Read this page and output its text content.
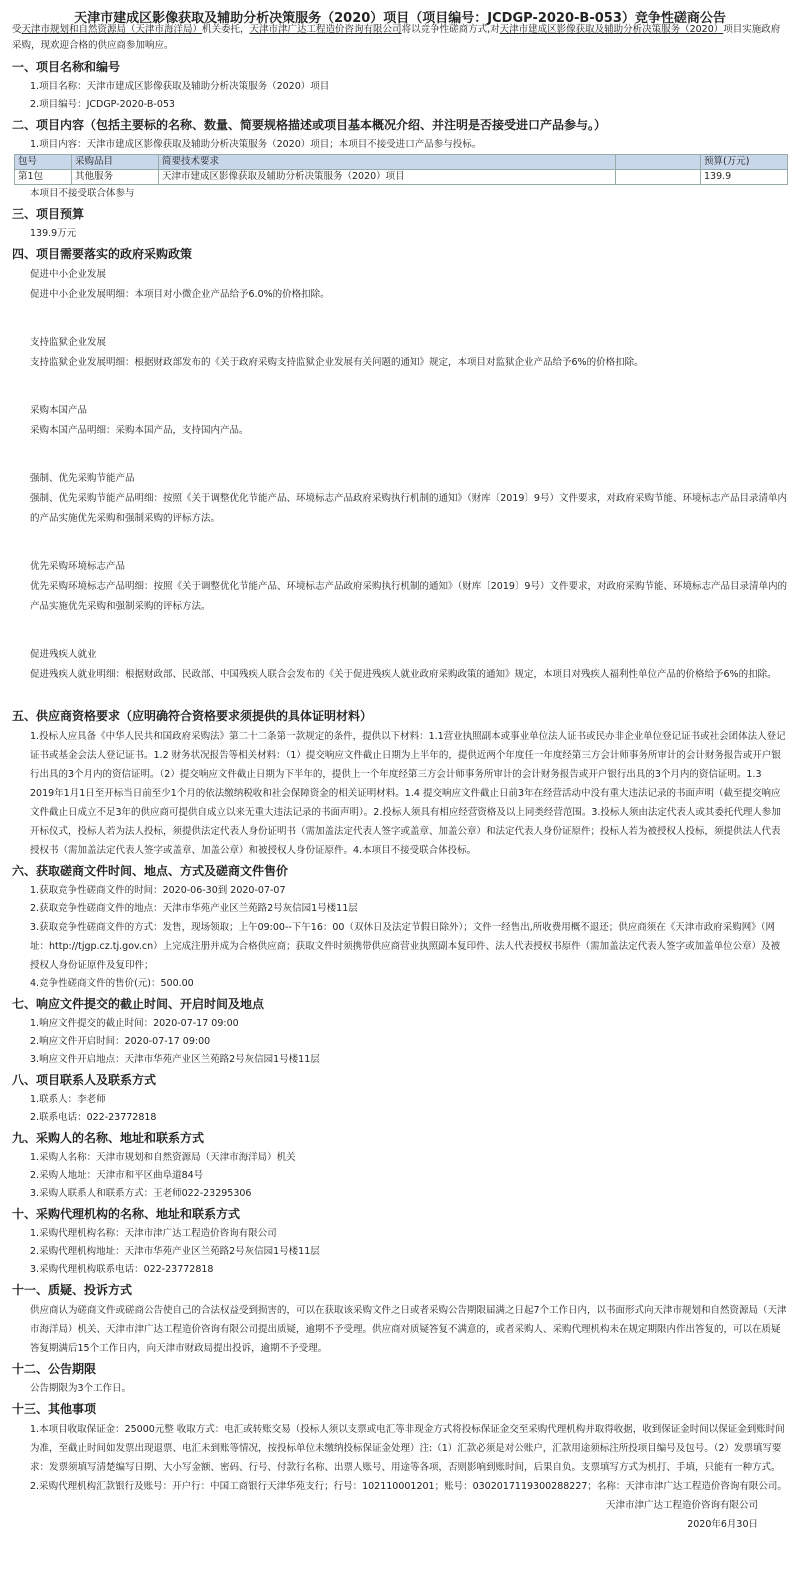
天津市建成区影像获取及辅助分析决策服务（2020）项目（项目编号：JCDGP-2020-B-053）竞争性磋商公告
受天津市规划和自然资源局（天津市海洋局）机关委托，天津市津广达工程造价咨询有限公司将以竞争性磋商方式,对天津市建成区影像获取及辅助分析决策服务（2020）项目实施政府采购，现欢迎合格的供应商参加响应。
一、项目名称和编号
1.项目名称：天津市建成区影像获取及辅助分析决策服务（2020）项目
2.项目编号：JCDGP-2020-B-053
二、项目内容（包括主要标的名称、数量、简要规格描述或项目基本概况介绍、并注明是否接受进口产品参与。）
1.项目内容：天津市建成区影像获取及辅助分析决策服务（2020）项目；本项目不接受进口产品参与投标。
包号	采购品目	简要技术要求		预算(万元)
第1包	其他服务	天津市建成区影像获取及辅助分析决策服务（2020）项目		139.9
本项目不接受联合体参与
三、项目预算
139.9万元
四、项目需要落实的政府采购政策
促进中小企业发展
促进中小企业发展明细：本项目对小微企业产品给予6.0%的价格扣除。
支持监狱企业发展
支持监狱企业发展明细：根据财政部发布的《关于政府采购支持监狱企业发展有关问题的通知》规定，本项目对监狱企业产品给予6%的价格扣除。
采购本国产品
采购本国产品明细：采购本国产品，支持国内产品。
强制、优先采购节能产品
强制、优先采购节能产品明细：按照《关于调整优化节能产品、环境标志产品政府采购执行机制的通知》（财库〔2019〕9号）文件要求，对政府采购节能、环境标志产品目录清单内的产品实施优先采购和强制采购的评标方法。
优先采购环境标志产品
优先采购环境标志产品明细：按照《关于调整优化节能产品、环境标志产品政府采购执行机制的通知》（财库〔2019〕9号）文件要求，对政府采购节能、环境标志产品目录清单内的产品实施优先采购和强制采购的评标方法。
促进残疾人就业
促进残疾人就业明细：根据财政部、民政部、中国残疾人联合会发布的《关于促进残疾人就业政府采购政策的通知》规定，本项目对残疾人福利性单位产品的价格给予6%的扣除。
五、供应商资格要求（应明确符合资格要求须提供的具体证明材料）
1.投标人应具备《中华人民共和国政府采购法》第二十二条第一款规定的条件，提供以下材料：1.1营业执照副本或事业单位法人证书或民办非企业单位登记证书或社会团体法人登记证书或基金会法人登记证书。1.2 财务状况报告等相关材料：（1）提交响应文件截止日期为上半年的，提供近两个年度任一年度经第三方会计师事务所审计的会计财务报告或开户银行出具的3个月内的资信证明。（2）提交响应文件截止日期为下半年的，提供上一个年度经第三方会计师事务所审计的会计财务报告或开户银行出具的3个月内的资信证明。1.3 2019年1月1日至开标当日前至少1个月的依法缴纳税收和社会保障资金的相关证明材料。1.4 提交响应文件截止日前3年在经营活动中没有重大违法记录的书面声明（截至提交响应文件截止日成立不足3年的供应商可提供自成立以来无重大违法记录的书面声明）。2.投标人须具有相应经营资格及以上同类经营范围。3.投标人须由法定代表人或其委托代理人参加开标仪式，投标人若为法人投标，须提供法定代表人身份证明书（需加盖法定代表人签字或盖章、加盖公章）和法定代表人身份证原件；投标人若为被授权人投标，须提供法人代表授权书（需加盖法定代表人签字或盖章、加盖公章）和被授权人身份证原件。4.本项目不接受联合体投标。
六、获取磋商文件时间、地点、方式及磋商文件售价
1.获取竞争性磋商文件的时间：2020-06-30到 2020-07-07
2.获取竞争性磋商文件的地点：天津市华苑产业区兰苑路2号灰信园1号楼11层
3.获取竞争性磋商文件的方式：发售，现场领取；上午09:00--下午16：00（双休日及法定节假日除外）；文件一经售出,所收费用概不退还；供应商须在《天津市政府采购网》（网址：http://tjgp.cz.tj.gov.cn）上完成注册并成为合格供应商；获取文件时须携带供应商营业执照副本复印件、法人代表授权书原件（需加盖法定代表人签字或加盖单位公章）及被授权人身份证原件及复印件；
4.竞争性磋商文件的售价(元)：500.00
七、响应文件提交的截止时间、开启时间及地点
1.响应文件提交的截止时间：2020-07-17 09:00
2.响应文件开启时间：2020-07-17 09:00
3.响应文件开启地点：天津市华苑产业区兰苑路2号灰信园1号楼11层
八、项目联系人及联系方式
1.联系人：李老师
2.联系电话：022-23772818
九、采购人的名称、地址和联系方式
1.采购人名称：天津市规划和自然资源局（天津市海洋局）机关
2.采购人地址：天津市和平区曲阜道84号
3.采购人联系人和联系方式：王老师022-23295306
十、采购代理机构的名称、地址和联系方式
1.采购代理机构名称：天津市津广达工程造价咨询有限公司
2.采购代理机构地址：天津市华苑产业区兰苑路2号灰信园1号楼11层
3.采购代理机构联系电话：022-23772818
十一、质疑、投诉方式
供应商认为磋商文件或磋商公告使自己的合法权益受到损害的，可以在获取该采购文件之日或者采购公告期限届满之日起7个工作日内，以书面形式向天津市规划和自然资源局（天津市海洋局）机关、天津市津广达工程造价咨询有限公司提出质疑，逾期不予受理。供应商对质疑答复不满意的，或者采购人、采购代理机构未在规定期限内作出答复的，可以在质疑答复期满后15个工作日内，向天津市财政局提出投诉，逾期不予受理。
十二、公告期限
公告期限为3个工作日。
十三、其他事项
1.本项目收取保证金：25000元整 收取方式：电汇或转账交易（投标人须以支票或电汇等非现金方式将投标保证金交至采购代理机构并取得收据，收到保证金时间以保证金到账时间为准，至截止时间如发票出现退票、电汇未到账等情况，按投标单位未缴纳投标保证金处理）注:（1）汇款必须是对公账户，汇款用途须标注所投项目编号及包号。（2）发票填写要求：发票须填写清楚编写日期、大小写金额、密码、行号、付款行名称、出票人账号、用途等各项，否则影响到账时间，后果自负。支票填写方式为机打、手填，只能有一种方式。2.采购代理机构汇款银行及账号：开户行：中国工商银行天津华苑支行；行号：102110001201；账号：0302017119300288227；名称：天津市津广达工程造价咨询有限公司。
天津市津广达工程造价咨询有限公司
2020年6月30日
